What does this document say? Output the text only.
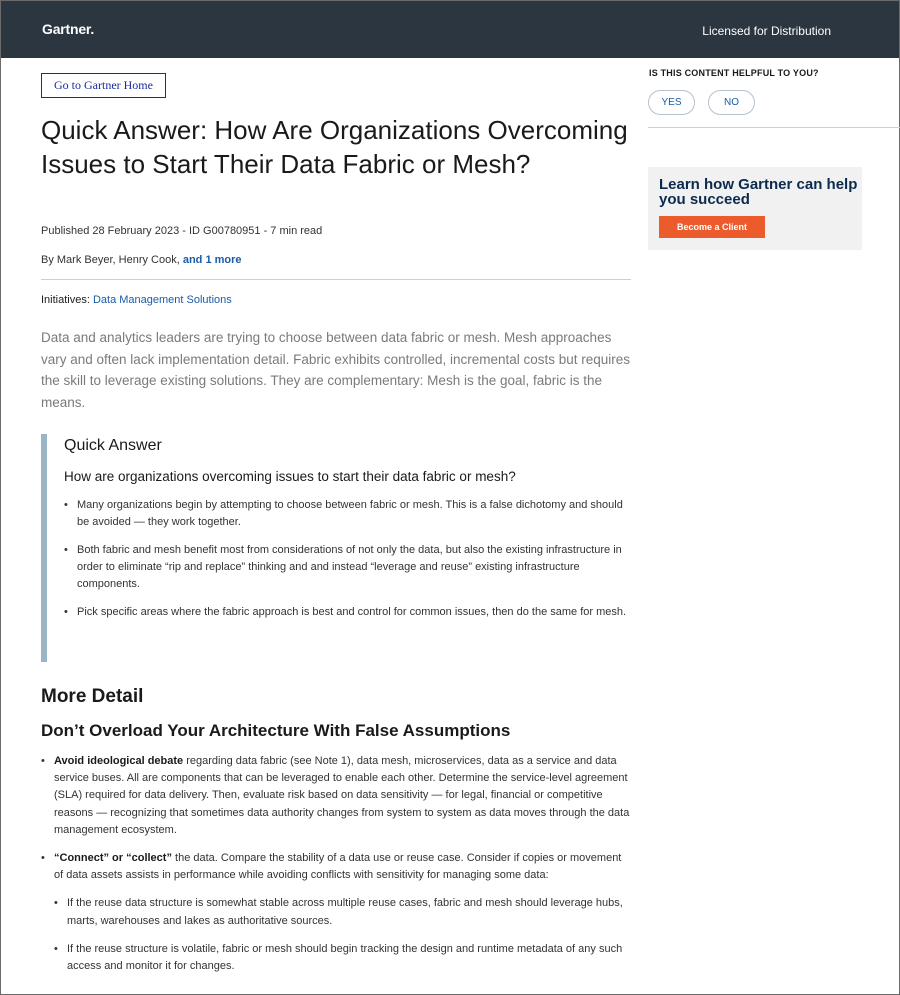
Gartner.	Licensed for Distribution
Go to Gartner Home
Quick Answer: How Are Organizations Overcoming Issues to Start Their Data Fabric or Mesh?
Published 28 February 2023 - ID G00780951 - 7 min read
By Mark Beyer, Henry Cook, and 1 more
Initiatives: Data Management Solutions

Data and analytics leaders are trying to choose between data fabric or mesh. Mesh approaches vary and often lack implementation detail. Fabric exhibits controlled, incremental costs but requires the skill to leverage existing solutions. They are complementary: Mesh is the goal, fabric is the means.

Quick Answer
How are organizations overcoming issues to start their data fabric or mesh?
• Many organizations begin by attempting to choose between fabric or mesh. This is a false dichotomy and should be avoided — they work together.
• Both fabric and mesh benefit most from considerations of not only the data, but also the existing infrastructure in order to eliminate “rip and replace” thinking and and instead “leverage and reuse” existing infrastructure components.
• Pick specific areas where the fabric approach is best and control for common issues, then do the same for mesh.
More Detail
Don’t Overload Your Architecture With False Assumptions
• Avoid ideological debate regarding data fabric (see Note 1), data mesh, microservices, data as a service and data service buses. All are components that can be leveraged to enable each other. Determine the service-level agreement (SLA) required for data delivery. Then, evaluate risk based on data sensitivity — for legal, financial or competitive reasons — recognizing that sometimes data authority changes from system to system as data moves through the data management ecosystem.
• “Connect” or “collect” the data. Compare the stability of a data use or reuse case. Consider if copies or movement of data assets assists in performance while avoiding conflicts with sensitivity for managing some data:
• If the reuse data structure is somewhat stable across multiple reuse cases, fabric and mesh should leverage hubs, marts, warehouses and lakes as authoritative sources.
• If the reuse structure is volatile, fabric or mesh should begin tracking the design and runtime metadata of any such access and monitor it for changes.
IS THIS CONTENT HELPFUL TO YOU?
YES	NO
Learn how Gartner can help you succeed
Become a Client
